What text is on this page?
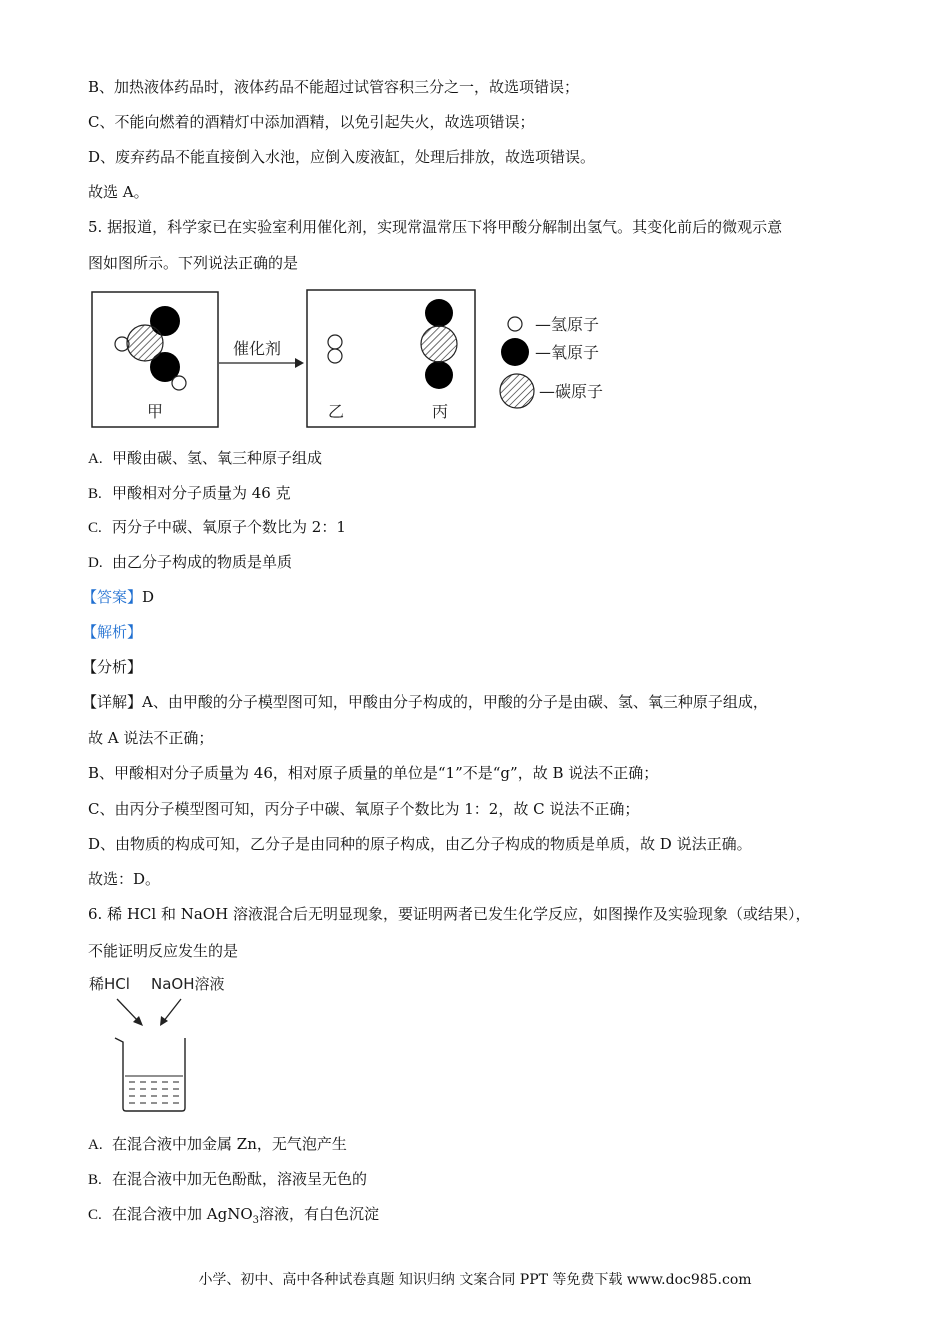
B、加热液体药品时，液体药品不能超过试管容积三分之一，故选项错误；
C、不能向燃着的酒精灯中添加酒精，以免引起失火，故选项错误；
D、废弃药品不能直接倒入水池，应倒入废液缸，处理后排放，故选项错误。
故选 A。
5. 据报道，科学家已在实验室利用催化剂，实现常温常压下将甲酸分解制出氢气。其变化前后的微观示意
图如图所示。下列说法正确的是
甲
催化剂
乙	丙
—氢原子
—氧原子
—碳原子
A. 甲酸由碳、氢、氧三种原子组成
B. 甲酸相对分子质量为 46 克
C. 丙分子中碳、氧原子个数比为 2：1
D. 由乙分子构成的物质是单质
【答案】D
【解析】
【分析】
【详解】A、由甲酸的分子模型图可知，甲酸由分子构成的，甲酸的分子是由碳、氢、氧三种原子组成，
故 A 说法不正确；
B、甲酸相对分子质量为 46，相对原子质量的单位是“1”不是“g”，故 B 说法不正确；
C、由丙分子模型图可知，丙分子中碳、氧原子个数比为 1：2，故 C 说法不正确；
D、由物质的构成可知，乙分子是由同种的原子构成，由乙分子构成的物质是单质，故 D 说法正确。
故选：D。
6. 稀 HCl 和 NaOH 溶液混合后无明显现象，要证明两者已发生化学反应，如图操作及实验现象（或结果），
不能证明反应发生的是
稀HCl NaOH溶液
A. 在混合液中加金属 Zn，无气泡产生
B. 在混合液中加无色酚酞，溶液呈无色的
C. 在混合液中加 AgNO$_3$溶液，有白色沉淀
小学、初中、高中各种试卷真题 知识归纳 文案合同 PPT 等免费下载 www.doc985.com
